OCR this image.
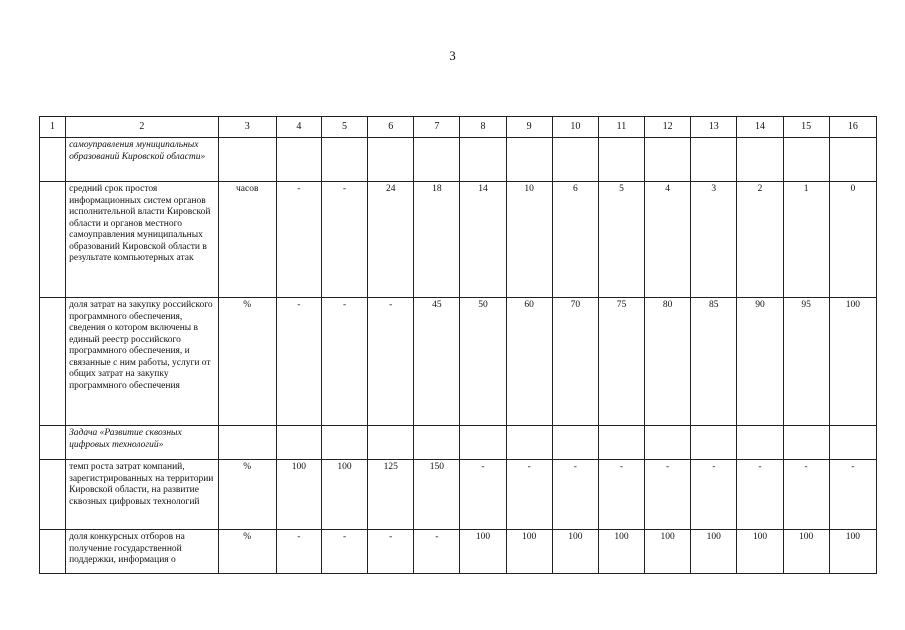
3
1	2	3	4	5	6	7	8	9	10	11	12	13	14	15	16
	самоуправления муниципальных образований Кировской области»														
	средний срок простоя информационных систем органов исполнительной власти Кировской области и органов местного самоуправления муниципальных образований Кировской области в результате компьютерных атак	часов	-	-	24	18	14	10	6	5	4	3	2	1	0
	доля затрат на закупку российского программного обеспечения, сведения о котором включены в единый реестр российского программного обеспечения, и связанные с ним работы, услуги от общих затрат на закупку программного обеспечения	%	-	-	-	45	50	60	70	75	80	85	90	95	100
	Задача «Развитие сквозных цифровых технологий»														
	темп роста затрат компаний, зарегистрированных на территории Кировской области, на развитие сквозных цифровых технологий	%	100	100	125	150	-	-	-	-	-	-	-	-	-
	доля конкурсных отборов на получение государственной поддержки, информация о	%	-	-	-	-	100	100	100	100	100	100	100	100	100
